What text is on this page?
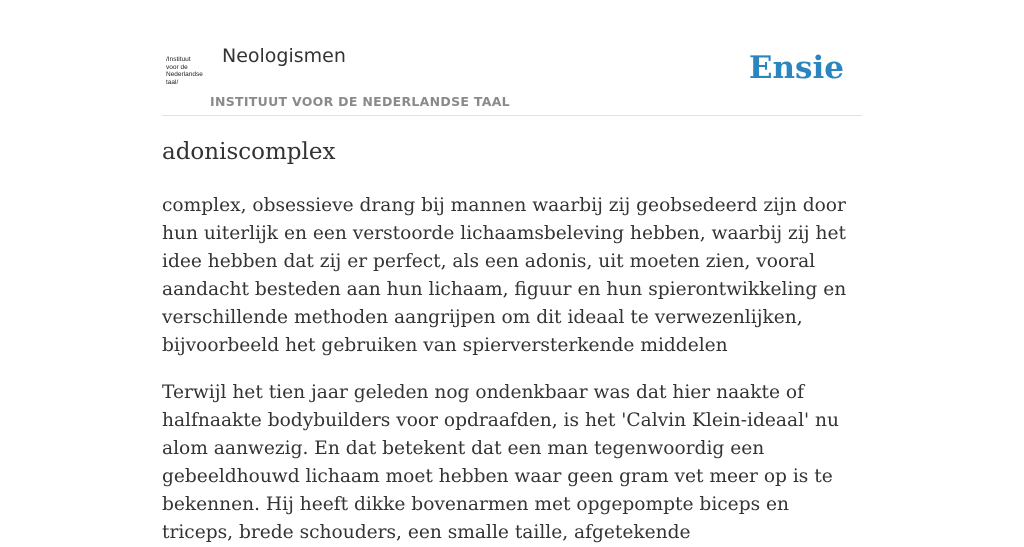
/Instituut
voor de
Nederlandse
taal/
Neologismen
INSTITUUT VOOR DE NEDERLANDSE TAAL
Ensie
adoniscomplex

complex, obsessieve drang bij mannen waarbij zij geobsedeerd zijn door hun uiterlijk en een verstoorde lichaamsbeleving hebben, waarbij zij het idee hebben dat zij er perfect, als een adonis, uit moeten zien, vooral aandacht besteden aan hun lichaam, figuur en hun spierontwikkeling en verschillende methoden aangrijpen om dit ideaal te verwezenlijken, bijvoorbeeld het gebruiken van spierversterkende middelen

Terwijl het tien jaar geleden nog ondenkbaar was dat hier naakte of halfnaakte bodybuilders voor opdraafden, is het 'Calvin Klein-ideaal' nu alom aanwezig. En dat betekent dat een man tegenwoordig een gebeeldhouwd lichaam moet hebben waar geen gram vet meer op is te bekennen. Hij heeft dikke bovenarmen met opgepompte biceps en triceps, brede schouders, een smalle taille, afgetekende
